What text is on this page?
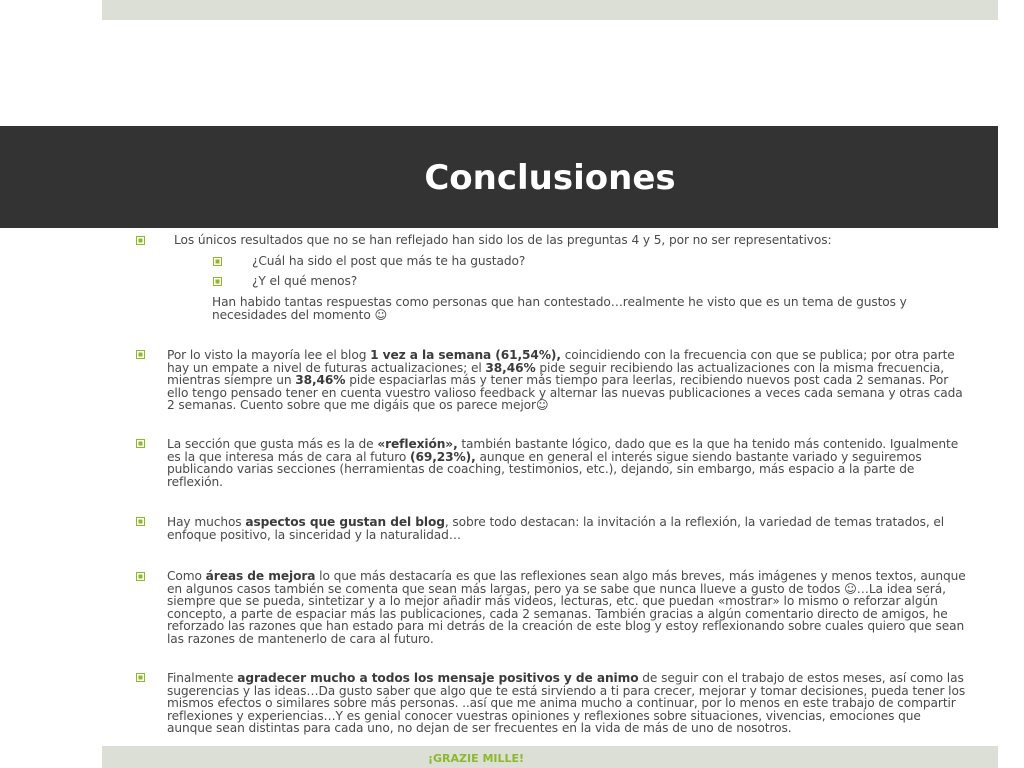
Conclusiones

Los únicos resultados que no se han reflejado han sido los de las preguntas 4 y 5, por no ser representativos:

¿Cuál ha sido el post que más te ha gustado?

¿Y el qué menos?

Han habido tantas respuestas como personas que han contestado…realmente he visto que es un tema de gustos y necesidades del momento ☺

Por lo visto la mayoría lee el blog 1 vez a la semana (61,54%), coincidiendo con la frecuencia con que se publica; por otra parte hay un empate a nivel de futuras actualizaciones; el 38,46% pide seguir recibiendo las actualizaciones con la misma frecuencia, mientras siempre un 38,46% pide espaciarlas más y tener más tiempo para leerlas, recibiendo nuevos post cada 2 semanas. Por ello tengo pensado tener en cuenta vuestro valioso feedback y alternar las nuevas publicaciones a veces cada semana y otras cada 2 semanas. Cuento sobre que me digáis que os parece mejor☺

La sección que gusta más es la de «reflexión», también bastante lógico, dado que es la que ha tenido más contenido. Igualmente es la que interesa más de cara al futuro (69,23%), aunque en general el interés sigue siendo bastante variado y seguiremos publicando varias secciones (herramientas de coaching, testimonios, etc.), dejando, sin embargo, más espacio a la parte de reflexión.

Hay muchos aspectos que gustan del blog, sobre todo destacan: la invitación a la reflexión, la variedad de temas tratados, el enfoque positivo, la sinceridad y la naturalidad…

Como áreas de mejora lo que más destacaría es que las reflexiones sean algo más breves, más imágenes y menos textos, aunque en algunos casos también se comenta que sean más largas, pero ya se sabe que nunca llueve a gusto de todos ☺…La idea será, siempre que se pueda, sintetizar y a lo mejor añadir más videos, lecturas, etc. que puedan «mostrar» lo mismo o reforzar algún concepto, a parte de espaciar más las publicaciones, cada 2 semanas. También gracias a algún comentario directo de amigos, he reforzado las razones que han estado para mi detrás de la creación de este blog y estoy reflexionando sobre cuales quiero que sean las razones de mantenerlo de cara al futuro.

Finalmente agradecer mucho a todos los mensaje positivos y de animo de seguir con el trabajo de estos meses, así como las sugerencias y las ideas…Da gusto saber que algo que te está sirviendo a ti para crecer, mejorar y tomar decisiones, pueda tener los mismos efectos o similares sobre más personas. ..así que me anima mucho a continuar, por lo menos en este trabajo de compartir reflexiones y experiencias…Y es genial conocer vuestras opiniones y reflexiones sobre situaciones, vivencias, emociones que aunque sean distintas para cada uno, no dejan de ser frecuentes en la vida de más de uno de nosotros.

¡GRAZIE MILLE!
